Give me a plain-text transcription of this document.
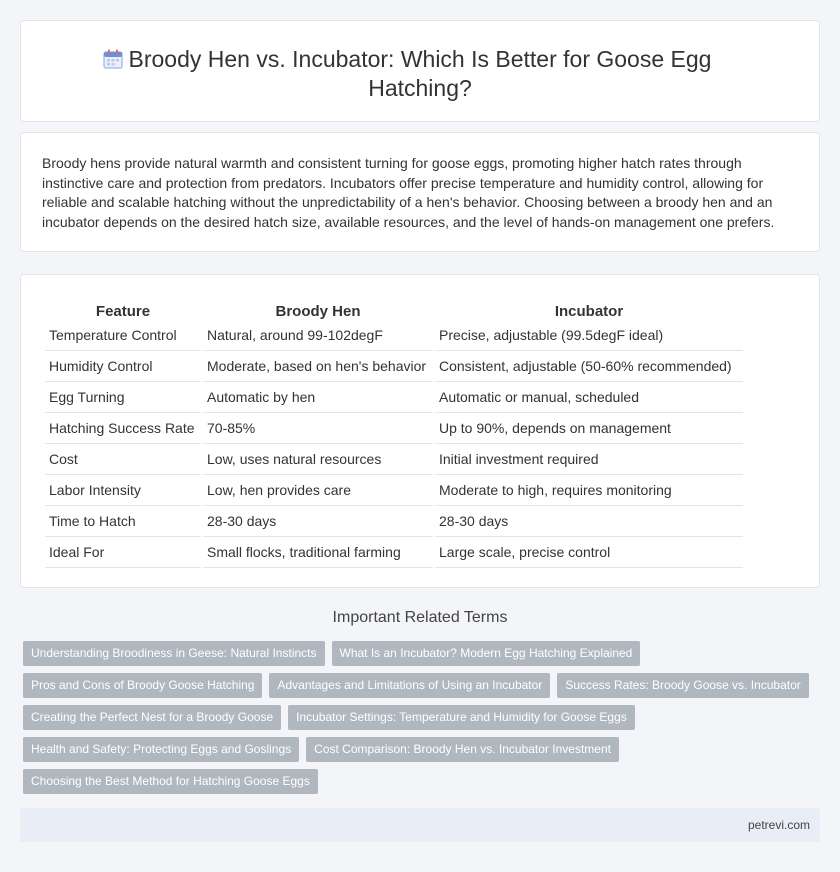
Broody Hen vs. Incubator: Which Is Better for Goose Egg Hatching?

Broody hens provide natural warmth and consistent turning for goose eggs, promoting higher hatch rates through instinctive care and protection from predators. Incubators offer precise temperature and humidity control, allowing for reliable and scalable hatching without the unpredictability of a hen's behavior. Choosing between a broody hen and an incubator depends on the desired hatch size, available resources, and the level of hands-on management one prefers.

Feature	Broody Hen	Incubator
Temperature Control	Natural, around 99-102degF	Precise, adjustable (99.5degF ideal)
Humidity Control	Moderate, based on hen's behavior	Consistent, adjustable (50-60% recommended)
Egg Turning	Automatic by hen	Automatic or manual, scheduled
Hatching Success Rate	70-85%	Up to 90%, depends on management
Cost	Low, uses natural resources	Initial investment required
Labor Intensity	Low, hen provides care	Moderate to high, requires monitoring
Time to Hatch	28-30 days	28-30 days
Ideal For	Small flocks, traditional farming	Large scale, precise control
Important Related Terms
Understanding Broodiness in Geese: Natural Instincts	What Is an Incubator? Modern Egg Hatching Explained
Pros and Cons of Broody Goose Hatching	Advantages and Limitations of Using an Incubator	Success Rates: Broody Goose vs. Incubator
Creating the Perfect Nest for a Broody Goose	Incubator Settings: Temperature and Humidity for Goose Eggs
Health and Safety: Protecting Eggs and Goslings	Cost Comparison: Broody Hen vs. Incubator Investment
Choosing the Best Method for Hatching Goose Eggs
petrevi.com
